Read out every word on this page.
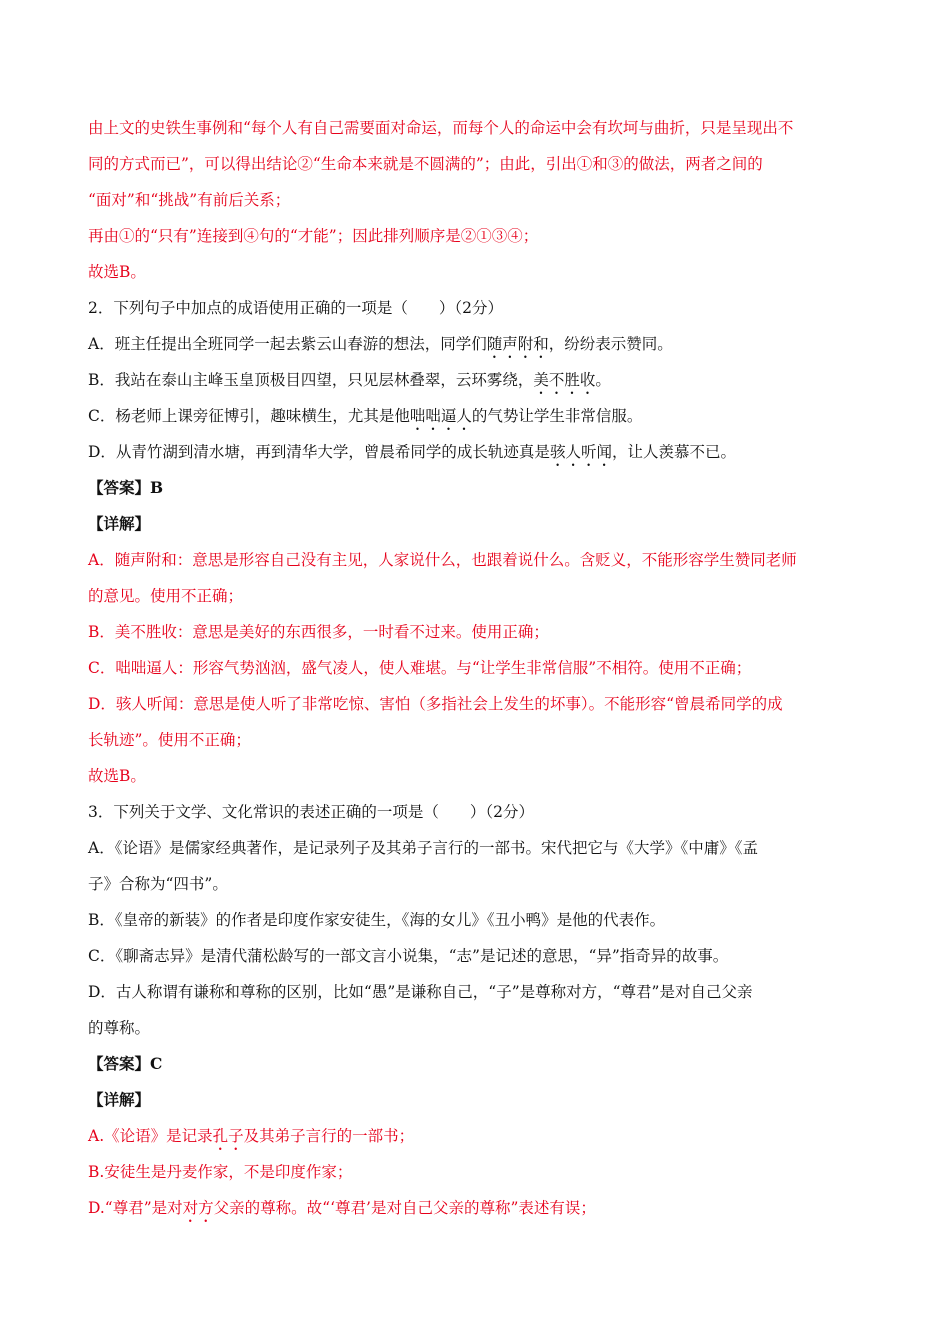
由上文的史铁生事例和“每个人有自己需要面对命运，而每个人的命运中会有坎坷与曲折，只是呈现出不
同的方式而已”，可以得出结论②“生命本来就是不圆满的”；由此，引出①和③的做法，两者之间的
“面对”和“挑战”有前后关系；
再由①的“只有”连接到④句的“才能”；因此排列顺序是②①③④；
故选B。
2．下列句子中加点的成语使用正确的一项是（　　）（2分）
A．班主任提出全班同学一起去紫云山春游的想法，同学们随声附和，纷纷表示赞同。
B．我站在泰山主峰玉皇顶极目四望，只见层林叠翠，云环雾绕，美不胜收。
C．杨老师上课旁征博引，趣味横生，尤其是他咄咄逼人的气势让学生非常信服。
D．从青竹湖到清水塘，再到清华大学，曾晨希同学的成长轨迹真是骇人听闻，让人羡慕不已。
【答案】B
【详解】
A．随声附和：意思是形容自己没有主见，人家说什么，也跟着说什么。含贬义，不能形容学生赞同老师
的意见。使用不正确；
B．美不胜收：意思是美好的东西很多，一时看不过来。使用正确；
C．咄咄逼人：形容气势汹汹，盛气凌人，使人难堪。与“让学生非常信服”不相符。使用不正确；
D．骇人听闻：意思是使人听了非常吃惊、害怕（多指社会上发生的坏事）。不能形容“曾晨希同学的成
长轨迹”。使用不正确；
故选B。
3．下列关于文学、文化常识的表述正确的一项是（　　）（2分）
A．《论语》是儒家经典著作，是记录列子及其弟子言行的一部书。宋代把它与《大学》《中庸》《孟
子》合称为“四书”。
B．《皇帝的新装》的作者是印度作家安徒生，《海的女儿》《丑小鸭》是他的代表作。
C．《聊斋志异》是清代蒲松龄写的一部文言小说集，“志”是记述的意思，“异”指奇异的故事。
D．古人称谓有谦称和尊称的区别，比如“愚”是谦称自己，“子”是尊称对方，“尊君”是对自己父亲
的尊称。
【答案】C
【详解】
A.《论语》是记录孔子及其弟子言行的一部书；
B.安徒生是丹麦作家，不是印度作家；
D.“尊君”是对对方父亲的尊称。故“‘尊君’是对自己父亲的尊称”表述有误；
